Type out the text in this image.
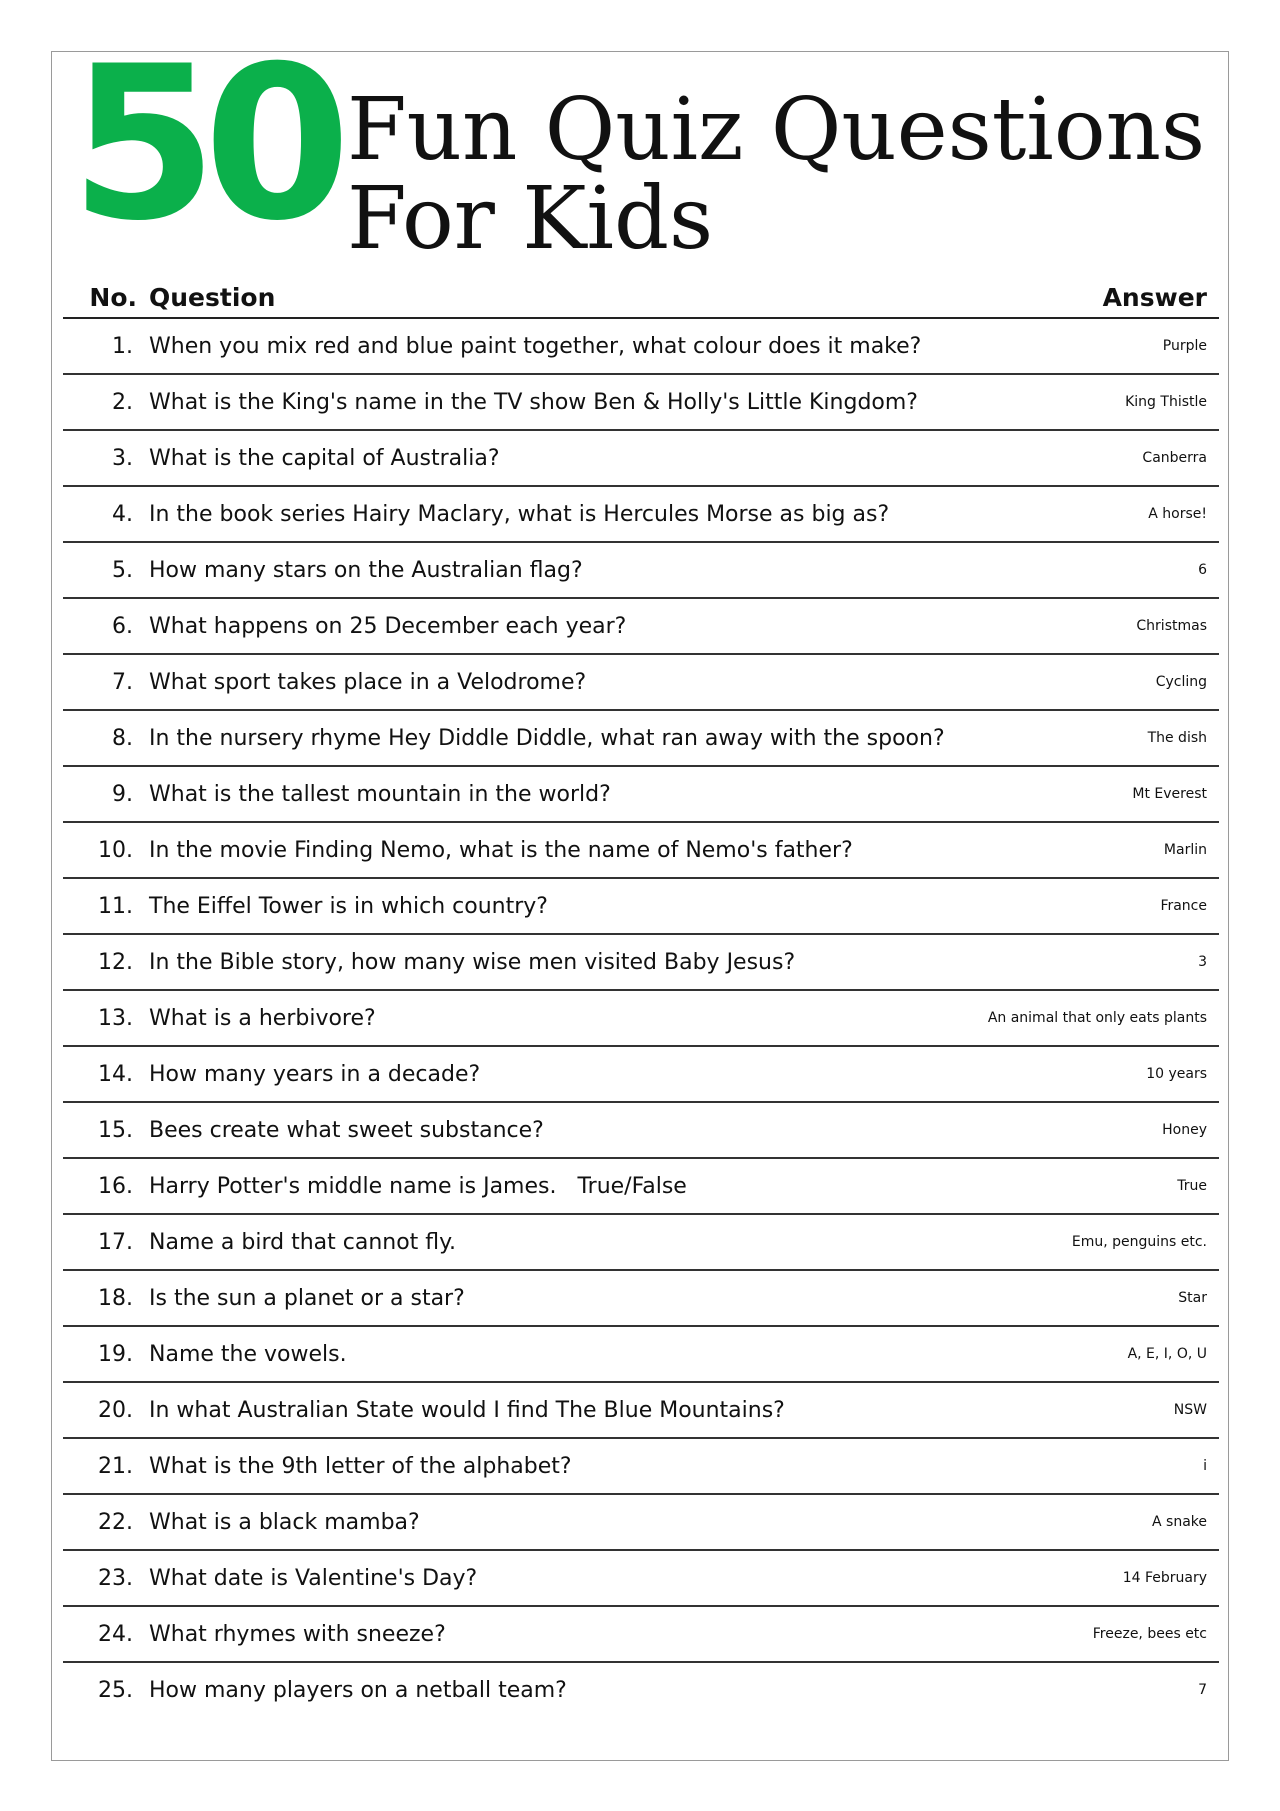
50 Fun Quiz Questions
For Kids
No.	Question	Answer
1.	When you mix red and blue paint together, what colour does it make?	Purple
2.	What is the King's name in the TV show Ben & Holly's Little Kingdom?	King Thistle
3.	What is the capital of Australia?	Canberra
4.	In the book series Hairy Maclary, what is Hercules Morse as big as?	A horse!
5.	How many stars on the Australian flag?	6
6.	What happens on 25 December each year?	Christmas
7.	What sport takes place in a Velodrome?	Cycling
8.	In the nursery rhyme Hey Diddle Diddle, what ran away with the spoon?	The dish
9.	What is the tallest mountain in the world?	Mt Everest
10.	In the movie Finding Nemo, what is the name of Nemo's father?	Marlin
11.	The Eiffel Tower is in which country?	France
12.	In the Bible story, how many wise men visited Baby Jesus?	3
13.	What is a herbivore?	An animal that only eats plants
14.	How many years in a decade?	10 years
15.	Bees create what sweet substance?	Honey
16.	Harry Potter's middle name is James.   True/False	True
17.	Name a bird that cannot fly.	Emu, penguins etc.
18.	Is the sun a planet or a star?	Star
19.	Name the vowels.	A, E, I, O, U
20.	In what Australian State would I find The Blue Mountains?	NSW
21.	What is the 9th letter of the alphabet?	i
22.	What is a black mamba?	A snake
23.	What date is Valentine's Day?	14 February
24.	What rhymes with sneeze?	Freeze, bees etc
25.	How many players on a netball team?	7
